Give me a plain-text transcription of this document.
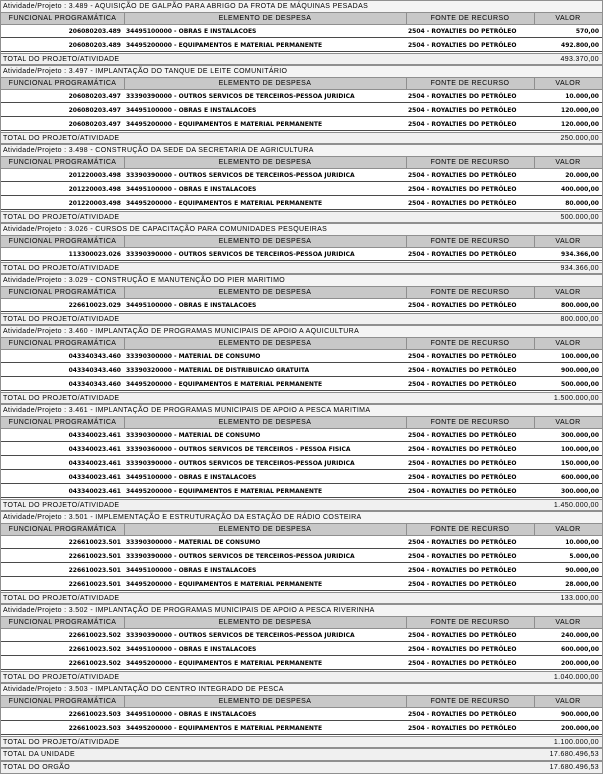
Atividade/Projeto : 3.489 - AQUISIÇÃO DE GALPÃO PARA ABRIGO DA FROTA DE MÁQUINAS PESADAS
FUNCIONAL PROGRAMÁTICA	ELEMENTO DE DESPESA	FONTE DE RECURSO	VALOR
206080203.489 34495100000 - OBRAS E INSTALACOES	2504 - ROYALTIES DO PETRÓLEO	570,00
206080203.489 34495200000 - EQUIPAMENTOS E MATERIAL PERMANENTE	2504 - ROYALTIES DO PETRÓLEO	492.800,00
TOTAL DO PROJETO/ATIVIDADE	493.370,00
Atividade/Projeto : 3.497 - IMPLANTAÇÃO DO TANQUE DE LEITE COMUNITÁRIO
FUNCIONAL PROGRAMÁTICA	ELEMENTO DE DESPESA	FONTE DE RECURSO	VALOR
206080203.497 33390390000 - OUTROS SERVICOS DE TERCEIROS-PESSOA JURIDICA	2504 - ROYALTIES DO PETRÓLEO	10.000,00
206080203.497 34495100000 - OBRAS E INSTALACOES	2504 - ROYALTIES DO PETRÓLEO	120.000,00
206080203.497 34495200000 - EQUIPAMENTOS E MATERIAL PERMANENTE	2504 - ROYALTIES DO PETRÓLEO	120.000,00
TOTAL DO PROJETO/ATIVIDADE	250.000,00
Atividade/Projeto : 3.498 - CONSTRUÇÃO DA SEDE DA SECRETARIA DE AGRICULTURA
FUNCIONAL PROGRAMÁTICA	ELEMENTO DE DESPESA	FONTE DE RECURSO	VALOR
201220003.498 33390390000 - OUTROS SERVICOS DE TERCEIROS-PESSOA JURIDICA	2504 - ROYALTIES DO PETRÓLEO	20.000,00
201220003.498 34495100000 - OBRAS E INSTALACOES	2504 - ROYALTIES DO PETRÓLEO	400.000,00
201220003.498 34495200000 - EQUIPAMENTOS E MATERIAL PERMANENTE	2504 - ROYALTIES DO PETRÓLEO	80.000,00
TOTAL DO PROJETO/ATIVIDADE	500.000,00
Atividade/Projeto : 3.026 - CURSOS DE CAPACITAÇÃO PARA COMUNIDADES PESQUEIRAS
FUNCIONAL PROGRAMÁTICA	ELEMENTO DE DESPESA	FONTE DE RECURSO	VALOR
113300023.026 33390390000 - OUTROS SERVICOS DE TERCEIROS-PESSOA JURIDICA	2504 - ROYALTIES DO PETRÓLEO	934.366,00
TOTAL DO PROJETO/ATIVIDADE	934.366,00
Atividade/Projeto : 3.029 - CONSTRUÇÃO E MANUTENÇÃO DO PIER MARITIMO
FUNCIONAL PROGRAMÁTICA	ELEMENTO DE DESPESA	FONTE DE RECURSO	VALOR
226610023.029 34495100000 - OBRAS E INSTALACOES	2504 - ROYALTIES DO PETRÓLEO	800.000,00
TOTAL DO PROJETO/ATIVIDADE	800.000,00
Atividade/Projeto : 3.460 - IMPLANTAÇÃO DE PROGRAMAS MUNICIPAIS DE APOIO A AQUICULTURA
FUNCIONAL PROGRAMÁTICA	ELEMENTO DE DESPESA	FONTE DE RECURSO	VALOR
043340343.460 33390300000 - MATERIAL DE CONSUMO	2504 - ROYALTIES DO PETRÓLEO	100.000,00
043340343.460 33390320000 - MATERIAL DE DISTRIBUICAO GRATUITA	2504 - ROYALTIES DO PETRÓLEO	900.000,00
043340343.460 34495200000 - EQUIPAMENTOS E MATERIAL PERMANENTE	2504 - ROYALTIES DO PETRÓLEO	500.000,00
TOTAL DO PROJETO/ATIVIDADE	1.500.000,00
Atividade/Projeto : 3.461 - IMPLANTAÇÃO DE PROGRAMAS MUNICIPAIS DE APOIO A PESCA MARITIMA
FUNCIONAL PROGRAMÁTICA	ELEMENTO DE DESPESA	FONTE DE RECURSO	VALOR
043340023.461 33390300000 - MATERIAL DE CONSUMO	2504 - ROYALTIES DO PETRÓLEO	300.000,00
043340023.461 33390360000 - OUTROS SERVICOS DE TERCEIROS - PESSOA FISICA	2504 - ROYALTIES DO PETRÓLEO	100.000,00
043340023.461 33390390000 - OUTROS SERVICOS DE TERCEIROS-PESSOA JURIDICA	2504 - ROYALTIES DO PETRÓLEO	150.000,00
043340023.461 34495100000 - OBRAS E INSTALACOES	2504 - ROYALTIES DO PETRÓLEO	600.000,00
043340023.461 34495200000 - EQUIPAMENTOS E MATERIAL PERMANENTE	2504 - ROYALTIES DO PETRÓLEO	300.000,00
TOTAL DO PROJETO/ATIVIDADE	1.450.000,00
Atividade/Projeto : 3.501 - IMPLEMENTAÇÃO E ESTRUTURAÇÃO DA ESTAÇÃO DE RÁDIO COSTEIRA
FUNCIONAL PROGRAMÁTICA	ELEMENTO DE DESPESA	FONTE DE RECURSO	VALOR
226610023.501 33390300000 - MATERIAL DE CONSUMO	2504 - ROYALTIES DO PETRÓLEO	10.000,00
226610023.501 33390390000 - OUTROS SERVICOS DE TERCEIROS-PESSOA JURIDICA	2504 - ROYALTIES DO PETRÓLEO	5.000,00
226610023.501 34495100000 - OBRAS E INSTALACOES	2504 - ROYALTIES DO PETRÓLEO	90.000,00
226610023.501 34495200000 - EQUIPAMENTOS E MATERIAL PERMANENTE	2504 - ROYALTIES DO PETRÓLEO	28.000,00
TOTAL DO PROJETO/ATIVIDADE	133.000,00
Atividade/Projeto : 3.502 - IMPLANTAÇÃO DE PROGRAMAS MUNICIPAIS DE APOIO A PESCA RIVERINHA
FUNCIONAL PROGRAMÁTICA	ELEMENTO DE DESPESA	FONTE DE RECURSO	VALOR
226610023.502 33390390000 - OUTROS SERVICOS DE TERCEIROS-PESSOA JURIDICA	2504 - ROYALTIES DO PETRÓLEO	240.000,00
226610023.502 34495100000 - OBRAS E INSTALACOES	2504 - ROYALTIES DO PETRÓLEO	600.000,00
226610023.502 34495200000 - EQUIPAMENTOS E MATERIAL PERMANENTE	2504 - ROYALTIES DO PETRÓLEO	200.000,00
TOTAL DO PROJETO/ATIVIDADE	1.040.000,00
Atividade/Projeto : 3.503 - IMPLANTAÇÃO DO CENTRO INTEGRADO DE PESCA
FUNCIONAL PROGRAMÁTICA	ELEMENTO DE DESPESA	FONTE DE RECURSO	VALOR
226610023.503 34495100000 - OBRAS E INSTALACOES	2504 - ROYALTIES DO PETRÓLEO	900.000,00
226610023.503 34495200000 - EQUIPAMENTOS E MATERIAL PERMANENTE	2504 - ROYALTIES DO PETRÓLEO	200.000,00
TOTAL DO PROJETO/ATIVIDADE	1.100.000,00
TOTAL DA UNIDADE	17.680.496,53
TOTAL DO ORGÃO	17.680.496,53
